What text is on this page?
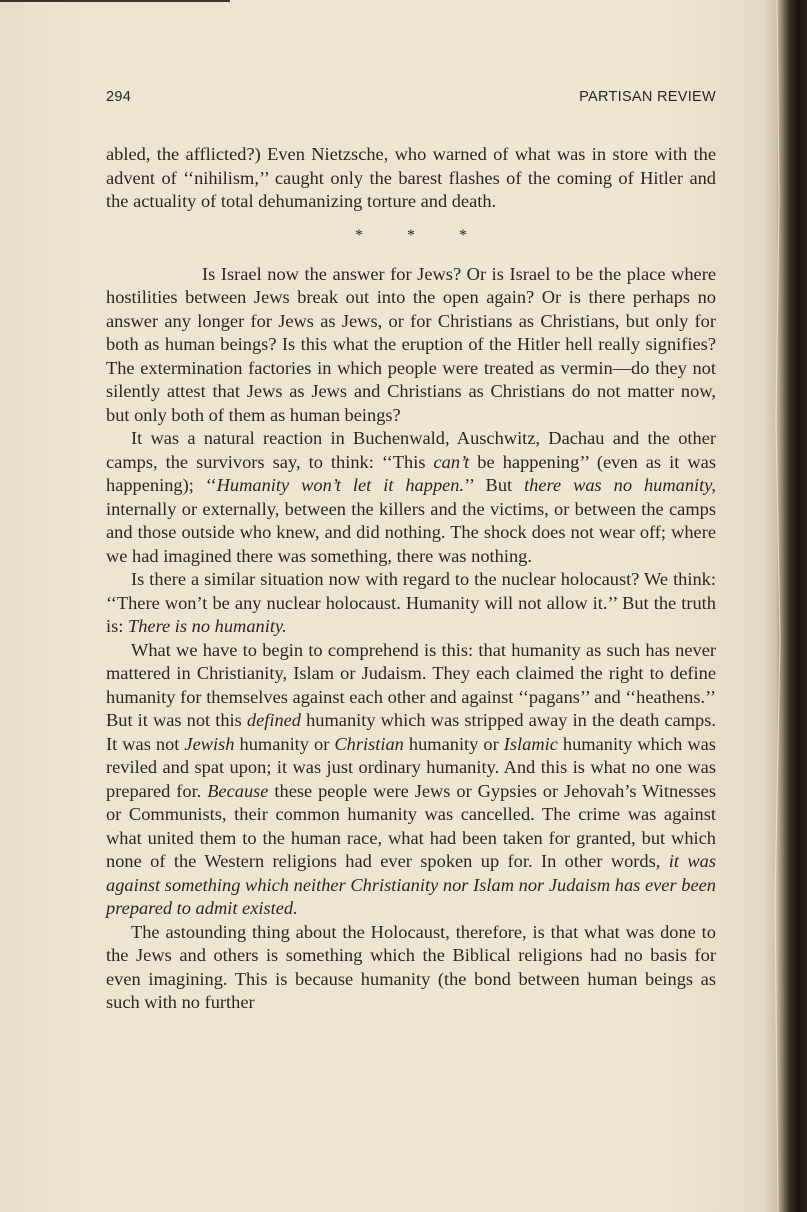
294	PARTISAN REVIEW

abled, the afflicted?) Even Nietzsche, who warned of what was in store with the advent of ‘‘nihilism,’’ caught only the barest flashes of the coming of Hitler and the actuality of total dehumanizing torture and death.

* * *

Is Israel now the answer for Jews? Or is Israel to be the place where hostilities between Jews break out into the open again? Or is there perhaps no answer any longer for Jews as Jews, or for Christians as Christians, but only for both as human beings? Is this what the eruption of the Hitler hell really signifies? The extermination factories in which people were treated as vermin—do they not silently attest that Jews as Jews and Christians as Christians do not matter now, but only both of them as human beings?

It was a natural reaction in Buchenwald, Auschwitz, Dachau and the other camps, the survivors say, to think: ‘‘This can’t be happening’’ (even as it was happening); ‘‘Humanity won’t let it happen.’’ But there was no humanity, internally or externally, between the killers and the victims, or between the camps and those outside who knew, and did nothing. The shock does not wear off; where we had imagined there was something, there was nothing.

Is there a similar situation now with regard to the nuclear holocaust? We think: ‘‘There won’t be any nuclear holocaust. Humanity will not allow it.’’ But the truth is: There is no humanity.

What we have to begin to comprehend is this: that humanity as such has never mattered in Christianity, Islam or Judaism. They each claimed the right to define humanity for themselves against each other and against ‘‘pagans’’ and ‘‘heathens.’’ But it was not this defined humanity which was stripped away in the death camps. It was not Jewish humanity or Christian humanity or Islamic humanity which was reviled and spat upon; it was just ordinary humanity. And this is what no one was prepared for. Because these people were Jews or Gypsies or Jehovah’s Witnesses or Communists, their common humanity was cancelled. The crime was against what united them to the human race, what had been taken for granted, but which none of the Western religions had ever spoken up for. In other words, it was against something which neither Christianity nor Islam nor Judaism has ever been prepared to admit existed.

The astounding thing about the Holocaust, therefore, is that what was done to the Jews and others is something which the Biblical religions had no basis for even imagining. This is because humanity (the bond between human beings as such with no further
